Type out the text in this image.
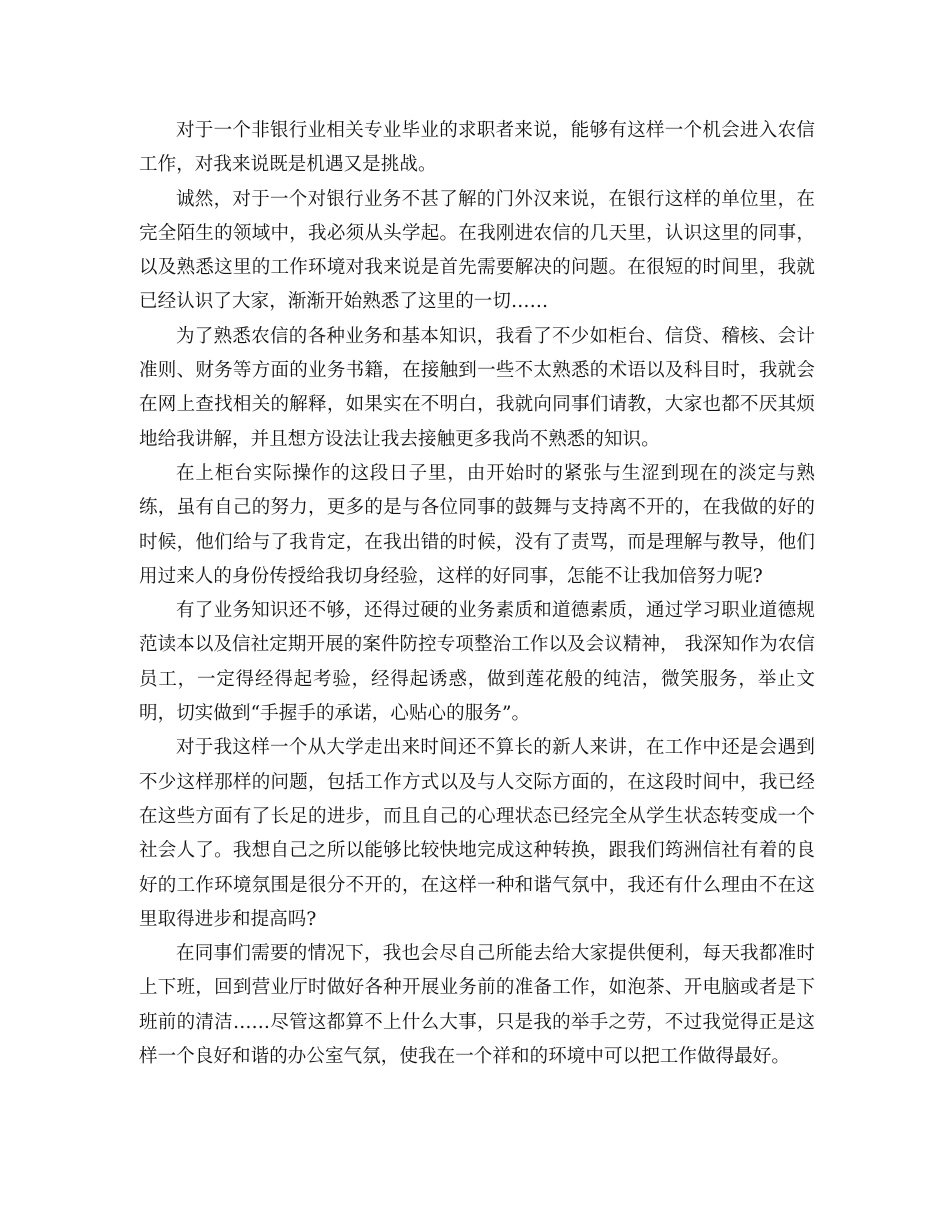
对于一个非银行业相关专业毕业的求职者来说，能够有这样一个机会进入农信工作，对我来说既是机遇又是挑战。

诚然，对于一个对银行业务不甚了解的门外汉来说，在银行这样的单位里，在完全陌生的领域中，我必须从头学起。在我刚进农信的几天里，认识这里的同事，以及熟悉这里的工作环境对我来说是首先需要解决的问题。在很短的时间里，我就已经认识了大家，渐渐开始熟悉了这里的一切……

为了熟悉农信的各种业务和基本知识，我看了不少如柜台、信贷、稽核、会计准则、财务等方面的业务书籍，在接触到一些不太熟悉的术语以及科目时，我就会在网上查找相关的解释，如果实在不明白，我就向同事们请教，大家也都不厌其烦地给我讲解，并且想方设法让我去接触更多我尚不熟悉的知识。

在上柜台实际操作的这段日子里，由开始时的紧张与生涩到现在的淡定与熟练，虽有自己的努力，更多的是与各位同事的鼓舞与支持离不开的，在我做的好的时候，他们给与了我肯定，在我出错的时候，没有了责骂，而是理解与教导，他们用过来人的身份传授给我切身经验，这样的好同事，怎能不让我加倍努力呢?

有了业务知识还不够，还得过硬的业务素质和道德素质，通过学习职业道德规范读本以及信社定期开展的案件防控专项整治工作以及会议精神， 我深知作为农信员工，一定得经得起考验，经得起诱惑，做到莲花般的纯洁，微笑服务，举止文明，切实做到“手握手的承诺，心贴心的服务”。

对于我这样一个从大学走出来时间还不算长的新人来讲，在工作中还是会遇到不少这样那样的问题，包括工作方式以及与人交际方面的，在这段时间中，我已经在这些方面有了长足的进步，而且自己的心理状态已经完全从学生状态转变成一个社会人了。我想自己之所以能够比较快地完成这种转换，跟我们筠洲信社有着的良好的工作环境氛围是很分不开的，在这样一种和谐气氛中，我还有什么理由不在这里取得进步和提高吗?

在同事们需要的情况下，我也会尽自己所能去给大家提供便利，每天我都准时上下班，回到营业厅时做好各种开展业务前的准备工作，如泡茶、开电脑或者是下班前的清洁……尽管这都算不上什么大事，只是我的举手之劳，不过我觉得正是这样一个良好和谐的办公室气氛，使我在一个祥和的环境中可以把工作做得最好。
